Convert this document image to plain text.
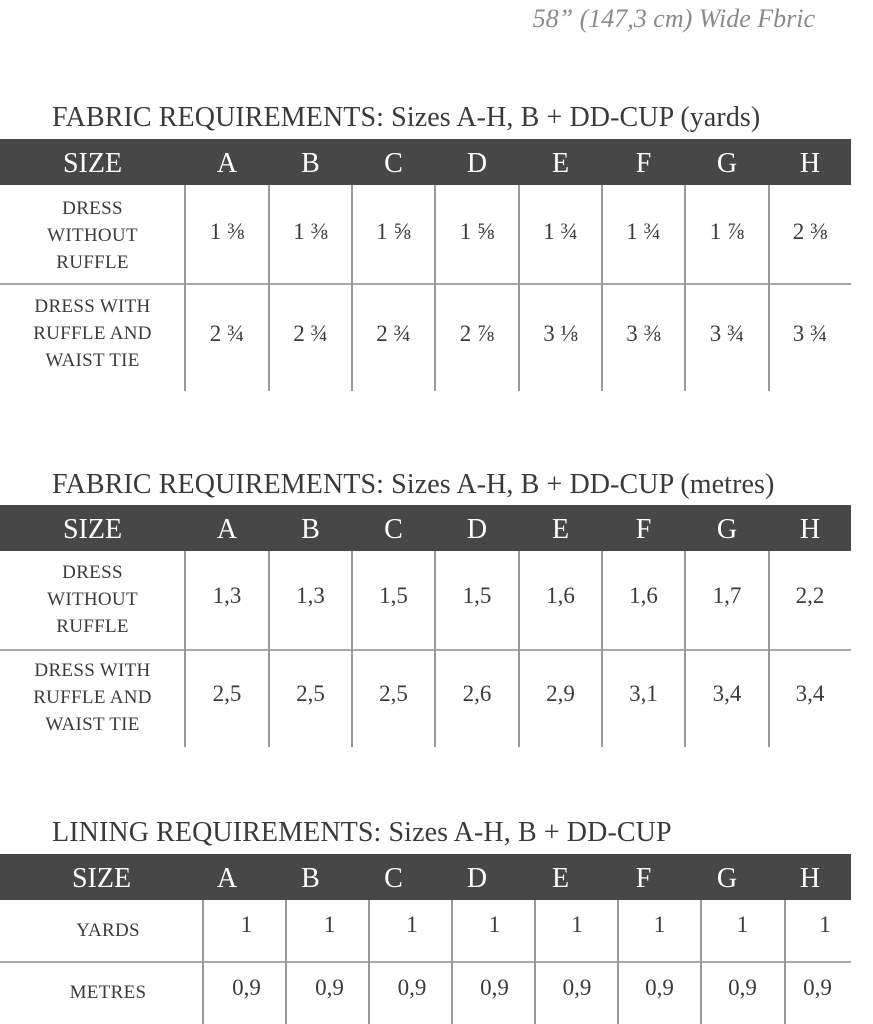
58” (147,3 cm) Wide Fbric
FABRIC REQUIREMENTS: Sizes A-H, B + DD-CUP (yards)
SIZE	A	B	C	D	E	F	G	H
DRESS
WITHOUT
RUFFLE
1 ⅜	1 ⅜	1 ⅝	1 ⅝	1 ¾	1 ¾	1 ⅞	2 ⅜
DRESS WITH
RUFFLE AND
WAIST TIE
2 ¾	2 ¾	2 ¾	2 ⅞	3 ⅛	3 ⅜	3 ¾	3 ¾
FABRIC REQUIREMENTS: Sizes A-H, B + DD-CUP (metres)
SIZE	A	B	C	D	E	F	G	H
DRESS
WITHOUT
RUFFLE
1,3	1,3	1,5	1,5	1,6	1,6	1,7	2,2
DRESS WITH
RUFFLE AND
WAIST TIE
2,5	2,5	2,5	2,6	2,9	3,1	3,4	3,4
LINING REQUIREMENTS: Sizes A-H, B + DD-CUP
SIZE	A	B	C	D	E	F	G	H
YARDS	1	1	1	1	1	1	1	1
METRES	0,9	0,9	0,9	0,9	0,9	0,9	0,9	0,9
